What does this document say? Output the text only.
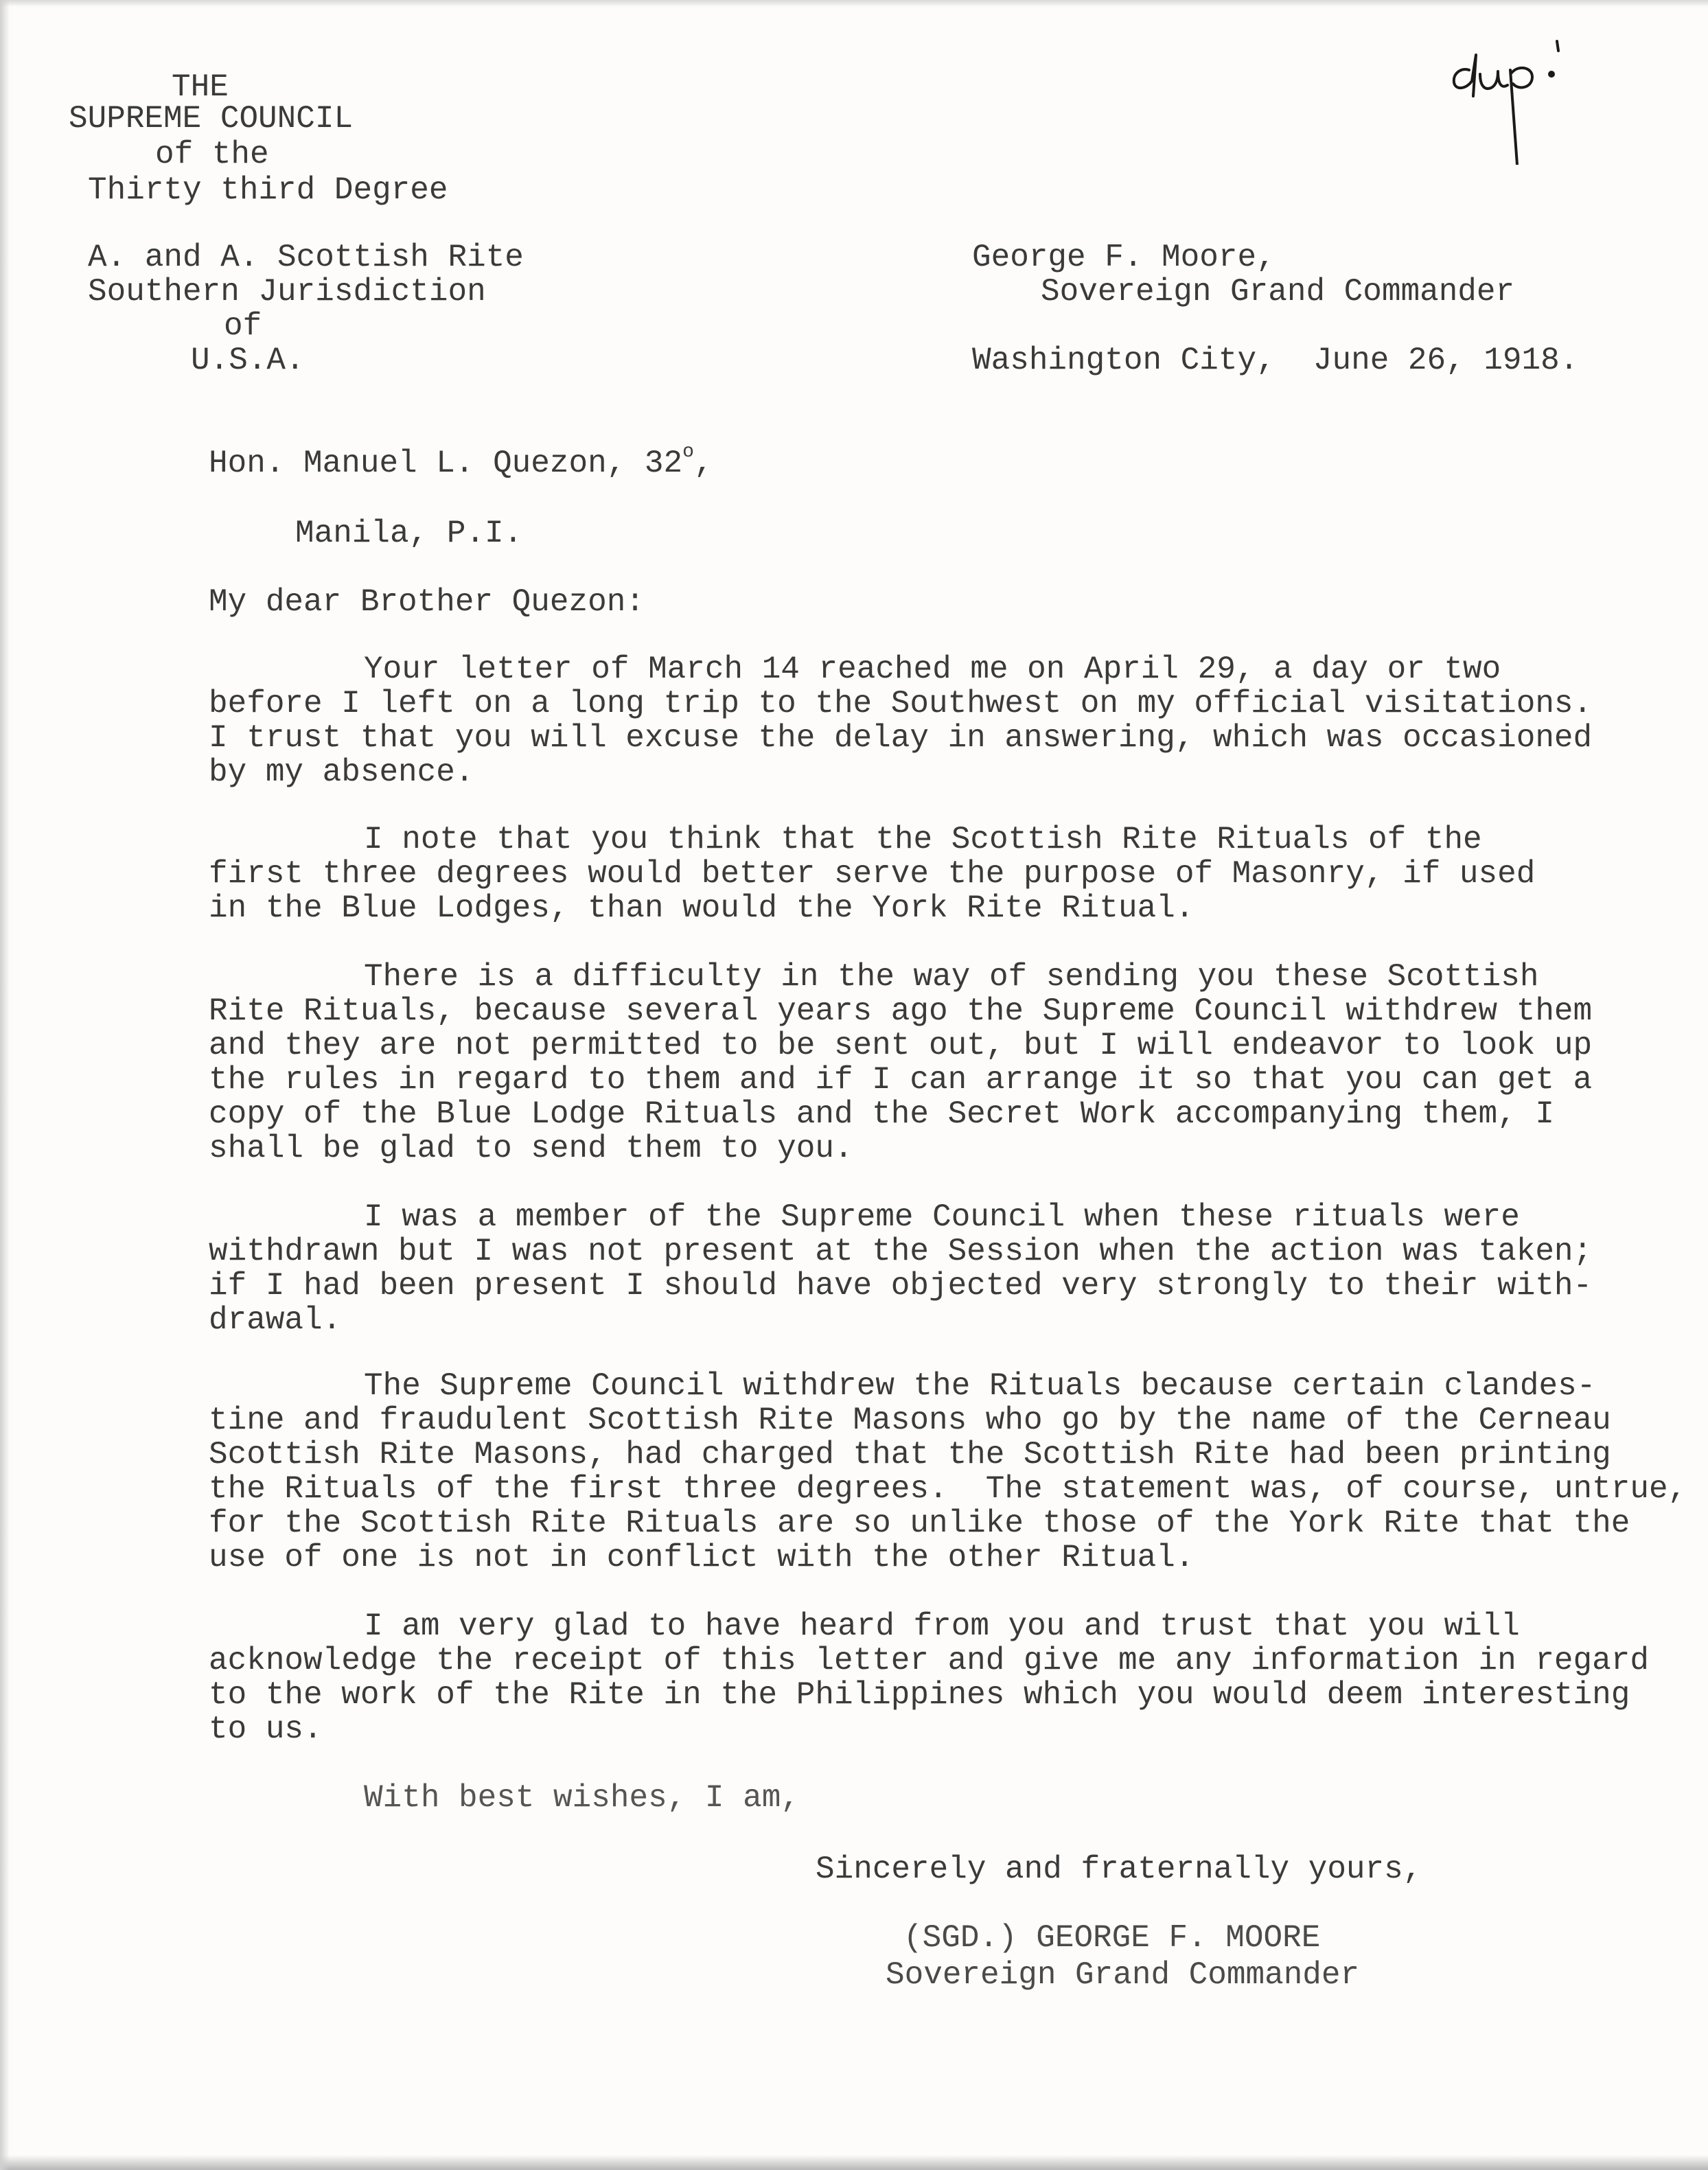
THE

SUPREME COUNCIL

of the

Thirty third Degree

A. and A. Scottish Rite

Southern Jurisdiction

of

U.S.A.

George F. Moore,

Sovereign Grand Commander

Washington City,  June 26, 1918.

Hon. Manuel L. Quezon, 32$^o$,

Manila, P.I.

My dear Brother Quezon:

Your letter of March 14 reached me on April 29, a day or two

before I left on a long trip to the Southwest on my official visitations.

I trust that you will excuse the delay in answering, which was occasioned

by my absence.

I note that you think that the Scottish Rite Rituals of the

first three degrees would better serve the purpose of Masonry, if used

in the Blue Lodges, than would the York Rite Ritual.

There is a difficulty in the way of sending you these Scottish

Rite Rituals, because several years ago the Supreme Council withdrew them

and they are not permitted to be sent out, but I will endeavor to look up

the rules in regard to them and if I can arrange it so that you can get a

copy of the Blue Lodge Rituals and the Secret Work accompanying them, I

shall be glad to send them to you.

I was a member of the Supreme Council when these rituals were

withdrawn but I was not present at the Session when the action was taken;

if I had been present I should have objected very strongly to their with-

drawal.

The Supreme Council withdrew the Rituals because certain clandes-

tine and fraudulent Scottish Rite Masons who go by the name of the Cerneau

Scottish Rite Masons, had charged that the Scottish Rite had been printing

the Rituals of the first three degrees.  The statement was, of course, untrue,

for the Scottish Rite Rituals are so unlike those of the York Rite that the

use of one is not in conflict with the other Ritual.

I am very glad to have heard from you and trust that you will

acknowledge the receipt of this letter and give me any information in regard

to the work of the Rite in the Philippines which you would deem interesting

to us.

With best wishes, I am,

Sincerely and fraternally yours,

(SGD.) GEORGE F. MOORE

Sovereign Grand Commander
